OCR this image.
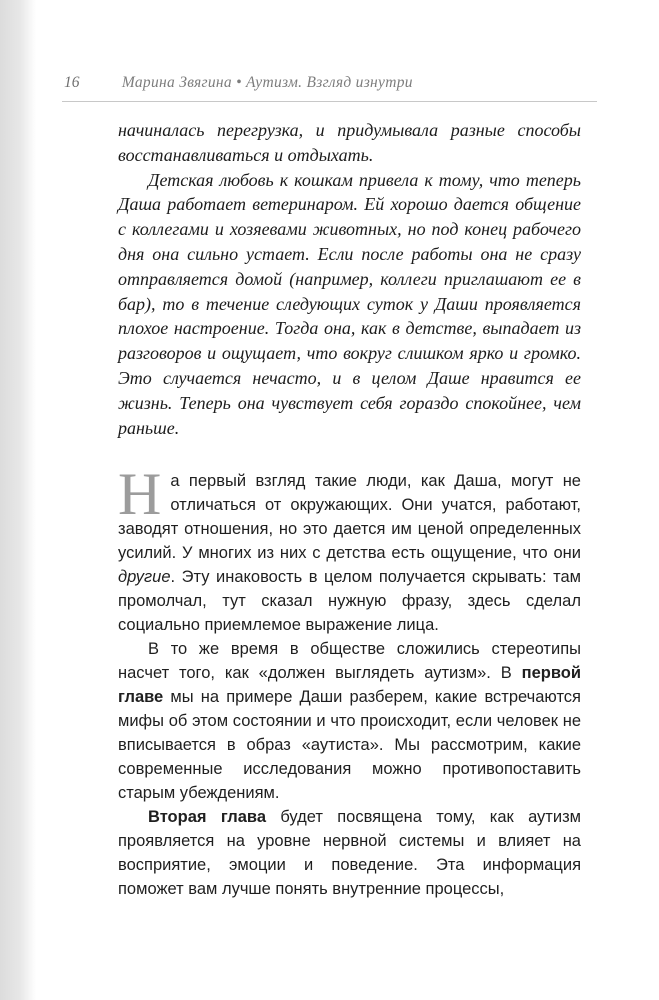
16	Марина Звягина • Аутизм. Взгляд изнутри

начиналась перегрузка, и придумывала разные способы восстанавливаться и отдыхать.

Детская любовь к кошкам привела к тому, что теперь Даша работает ветеринаром. Ей хорошо дается общение с коллегами и хозяевами животных, но под конец рабочего дня она сильно устает. Если после работы она не сразу отправляется домой (например, коллеги приглашают ее в бар), то в течение следующих суток у Даши проявляется плохое настроение. Тогда она, как в детстве, выпадает из разговоров и ощущает, что вокруг слишком ярко и громко. Это случается нечасто, и в целом Даше нравится ее жизнь. Теперь она чувствует себя гораздо спокойнее, чем раньше.

На первый взгляд такие люди, как Даша, могут не отличаться от окружающих. Они учатся, работают, заводят отношения, но это дается им ценой определенных усилий. У многих из них с детства есть ощущение, что они другие. Эту инаковость в целом получается скрывать: там промолчал, тут сказал нужную фразу, здесь сделал социально приемлемое выражение лица.

В то же время в обществе сложились стереотипы насчет того, как «должен выглядеть аутизм». В первой главе мы на примере Даши разберем, какие встречаются мифы об этом состоянии и что происходит, если человек не вписывается в образ «аутиста». Мы рассмотрим, какие современные исследования можно противопоставить старым убеждениям.

Вторая глава будет посвящена тому, как аутизм проявляется на уровне нервной системы и влияет на восприятие, эмоции и поведение. Эта информация поможет вам лучше понять внутренние процессы,
